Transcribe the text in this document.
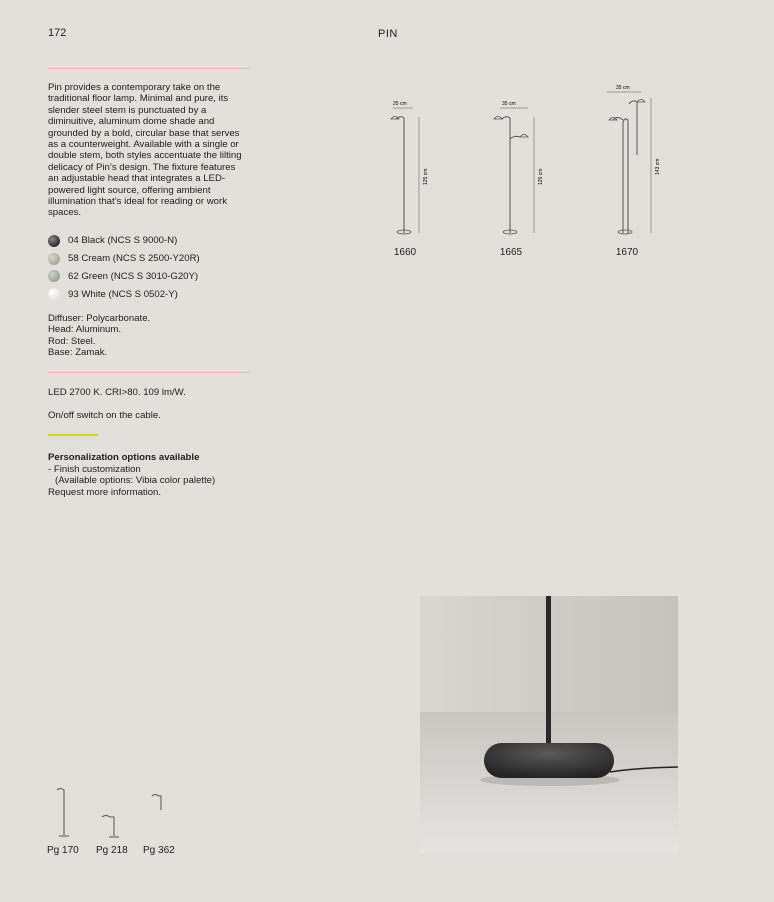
172	PIN
Pin provides a contemporary take on the traditional floor lamp. Minimal and pure, its slender steel stem is punctuated by a diminuitive, aluminum dome shade and grounded by a bold, circular base that serves as a counterweight. Available with a single or double stem, both styles accentuate the lilting delicacy of Pin’s design. The fixture features an adjustable head that integrates a LED-powered light source, offering ambient illumination that’s ideal for reading or work spaces.
04 Black (NCS S 9000-N)
58 Cream (NCS S 2500-Y20R)
62 Green (NCS S 3010-G20Y)
93 White (NCS S 0502-Y)
Diffuser: Polycarbonate.
Head: Aluminum.
Rod: Steel.
Base: Zamak.
LED 2700 K. CRI>80. 109 lm/W.
On/off switch on the cable.
Personalization options available
- Finish customization
(Available options: Vibia color palette)
Request more information.
25 cm
125 cm
35 cm
125 cm
35 cm
143 cm
1660	1665	1670
Pg 170 Pg 218 Pg 362
